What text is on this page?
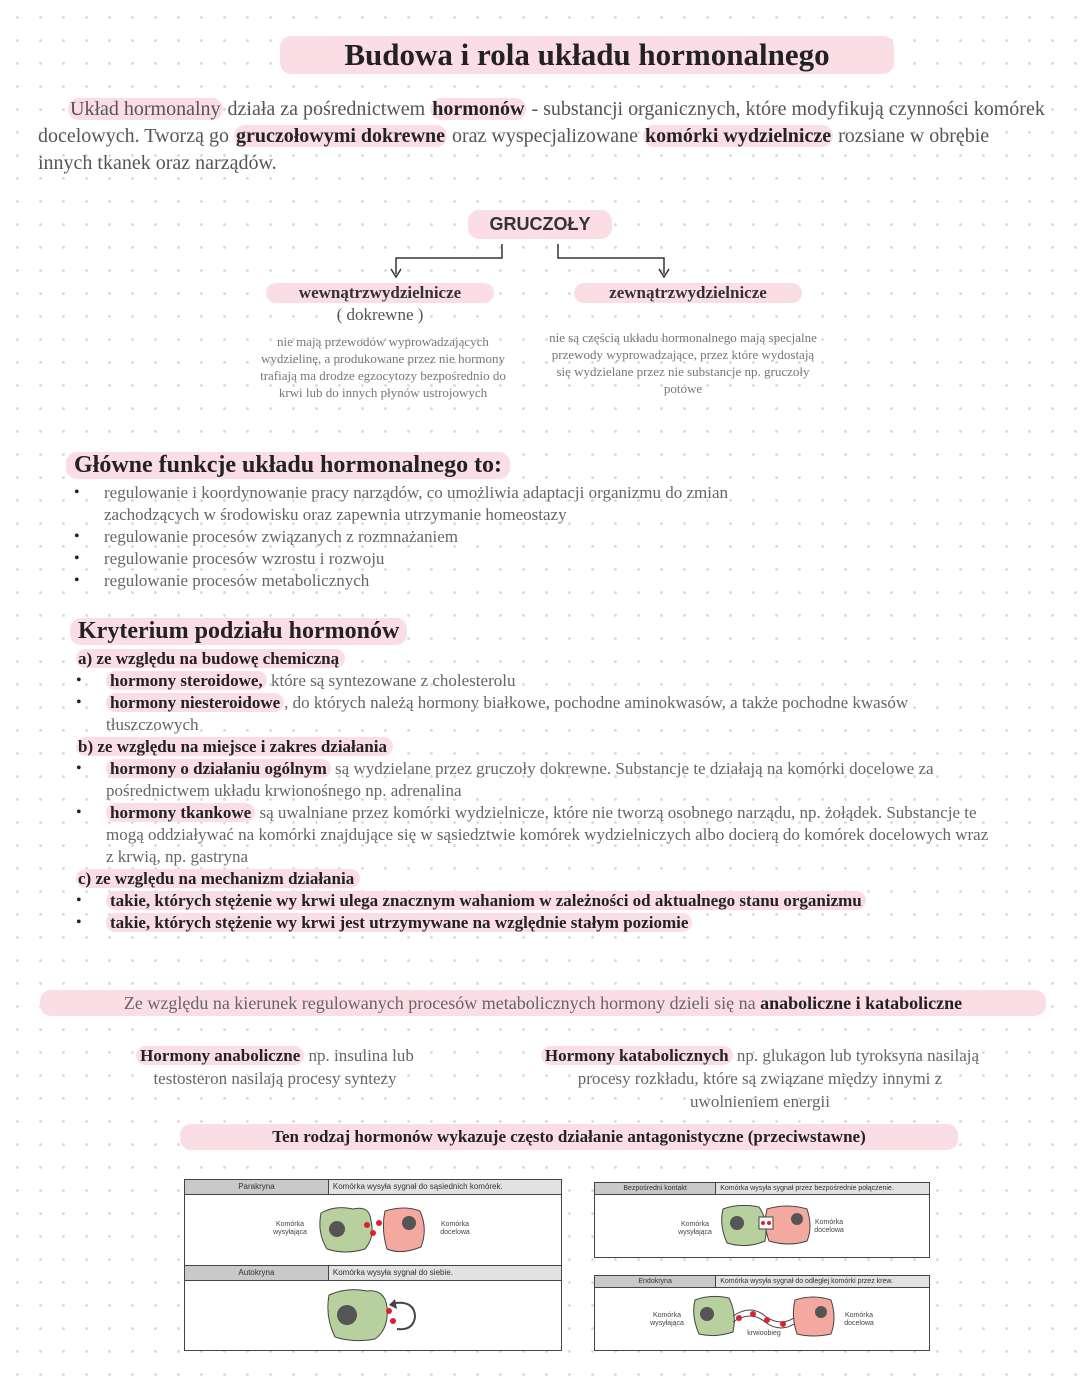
Budowa i rola układu hormonalnego
Układ hormonalny działa za pośrednictwem hormonów - substancji organicznych, które modyfikują czynności komórek docelowych. Tworzą go gruczołowymi dokrewne oraz wyspecjalizowane komórki wydzielnicze rozsiane w obrębie innych tkanek oraz narządów.
GRUCZOŁY
wewnątrzwydzielnicze
( dokrewne )
nie mają przewodów wyprowadzających wydzielinę, a produkowane przez nie hormony trafiają ma drodze egzocytozy bezpośrednio do krwi lub do innych płynów ustrojowych
zewnątrzwydzielnicze
nie są częścią układu hormonalnego mają specjalne przewody wyprowadzające, przez które wydostają się wydzielane przez nie substancje np. gruczoły potowe
Główne funkcje układu hormonalnego to:
• regulowanie i koordynowanie pracy narządów, co umożliwia adaptacji organizmu do zmian zachodzących w środowisku oraz zapewnia utrzymanie homeostazy
• regulowanie procesów związanych z rozmnażaniem
• regulowanie procesów wzrostu i rozwoju
• regulowanie procesów metabolicznych
Kryterium podziału hormonów
a) ze względu na budowę chemiczną
• hormony steroidowe, które są syntezowane z cholesterolu
• hormony niesteroidowe , do których należą hormony białkowe, pochodne aminokwasów, a także pochodne kwasów tłuszczowych
b) ze względu na miejsce i zakres działania
• hormony o działaniu ogólnym są wydzielane przez gruczoły dokrewne. Substancje te działają na komórki docelowe za pośrednictwem układu krwionośnego np. adrenalina
• hormony tkankowe są uwalniane przez komórki wydzielnicze, które nie tworzą osobnego narządu, np. żołądek. Substancje te mogą oddziaływać na komórki znajdujące się w sąsiedztwie komórek wydzielniczych albo docierą do komórek docelowych wraz z krwią, np. gastryna
c) ze względu na mechanizm działania
• takie, których stężenie wy krwi ulega znacznym wahaniom w zależności od aktualnego stanu organizmu
• takie, których stężenie wy krwi jest utrzymywane na względnie stałym poziomie
Ze względu na kierunek regulowanych procesów metabolicznych hormony dzieli się na anaboliczne i kataboliczne
Hormony anaboliczne np. insulina lub testosteron nasilają procesy syntezy
Hormony katabolicznych np. glukagon lub tyroksyna nasilają procesy rozkładu, które są związane między innymi z uwolnieniem energii
Ten rodzaj hormonów wykazuje często działanie antagonistyczne (przeciwstawne)
Parakryna	Komórka wysyła sygnał do sąsiednich komórek.
Komórka wysyłająca
Komórka docelowa
Autokryna	Komórka wysyła sygnał do siebie.
Bezpośredni kontakt	Komórka wysyła sygnał przez bezpośrednie połączenie.
Komórka wysyłająca
Komórka docelowa
Endokryna	Komórka wysyła sygnał do odległej komórki przez krew.
Komórka wysyłająca
Komórka docelowa
krwioobieg
